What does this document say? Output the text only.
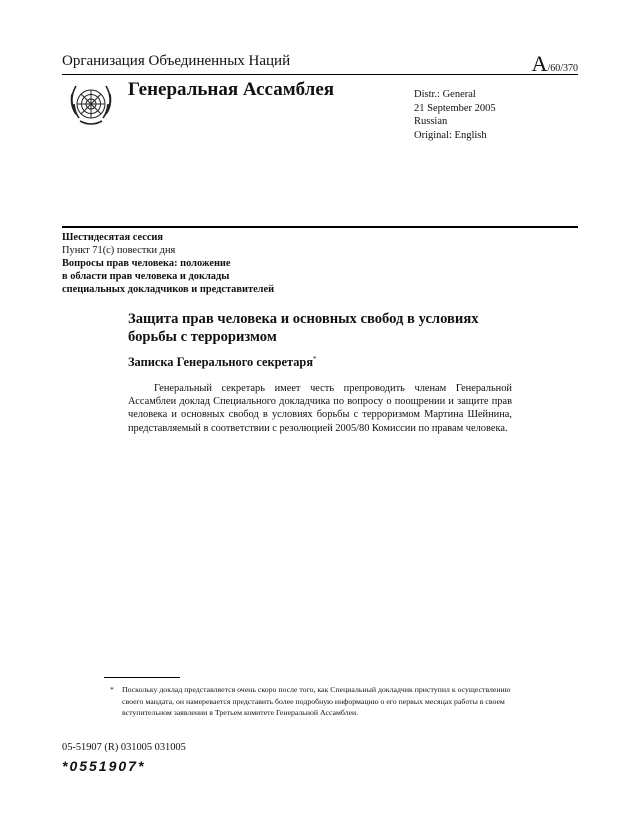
Организация Объединенных Наций	A/60/370
Генеральная Ассамблея	Distr.: General
21 September 2005
Russian
Original: English
Шестидесятая сессия
Пункт 71(c) повестки дня
Вопросы прав человека: положение
в области прав человека и доклады
специальных докладчиков и представителей
Защита прав человека и основных свобод в условиях борьбы с терроризмом
Записка Генерального секретаря*

Генеральный секретарь имеет честь препроводить членам Генеральной Ассамблеи доклад Специального докладчика по вопросу о поощрении и защите прав человека и основных свобод в условиях борьбы с терроризмом Мартина Шейнина, представляемый в соответствии с резолюцией 2005/80 Комиссии по правам человека.

* Поскольку доклад представляется очень скоро после того, как Специальный докладчик приступил к осуществлению своего мандата, он намеревается представить более подробную информацию о его первых месяцах работы в своем вступительном заявлении в Третьем комитете Генеральной Ассамблеи.
05-51907 (R) 031005 031005
*0551907*
